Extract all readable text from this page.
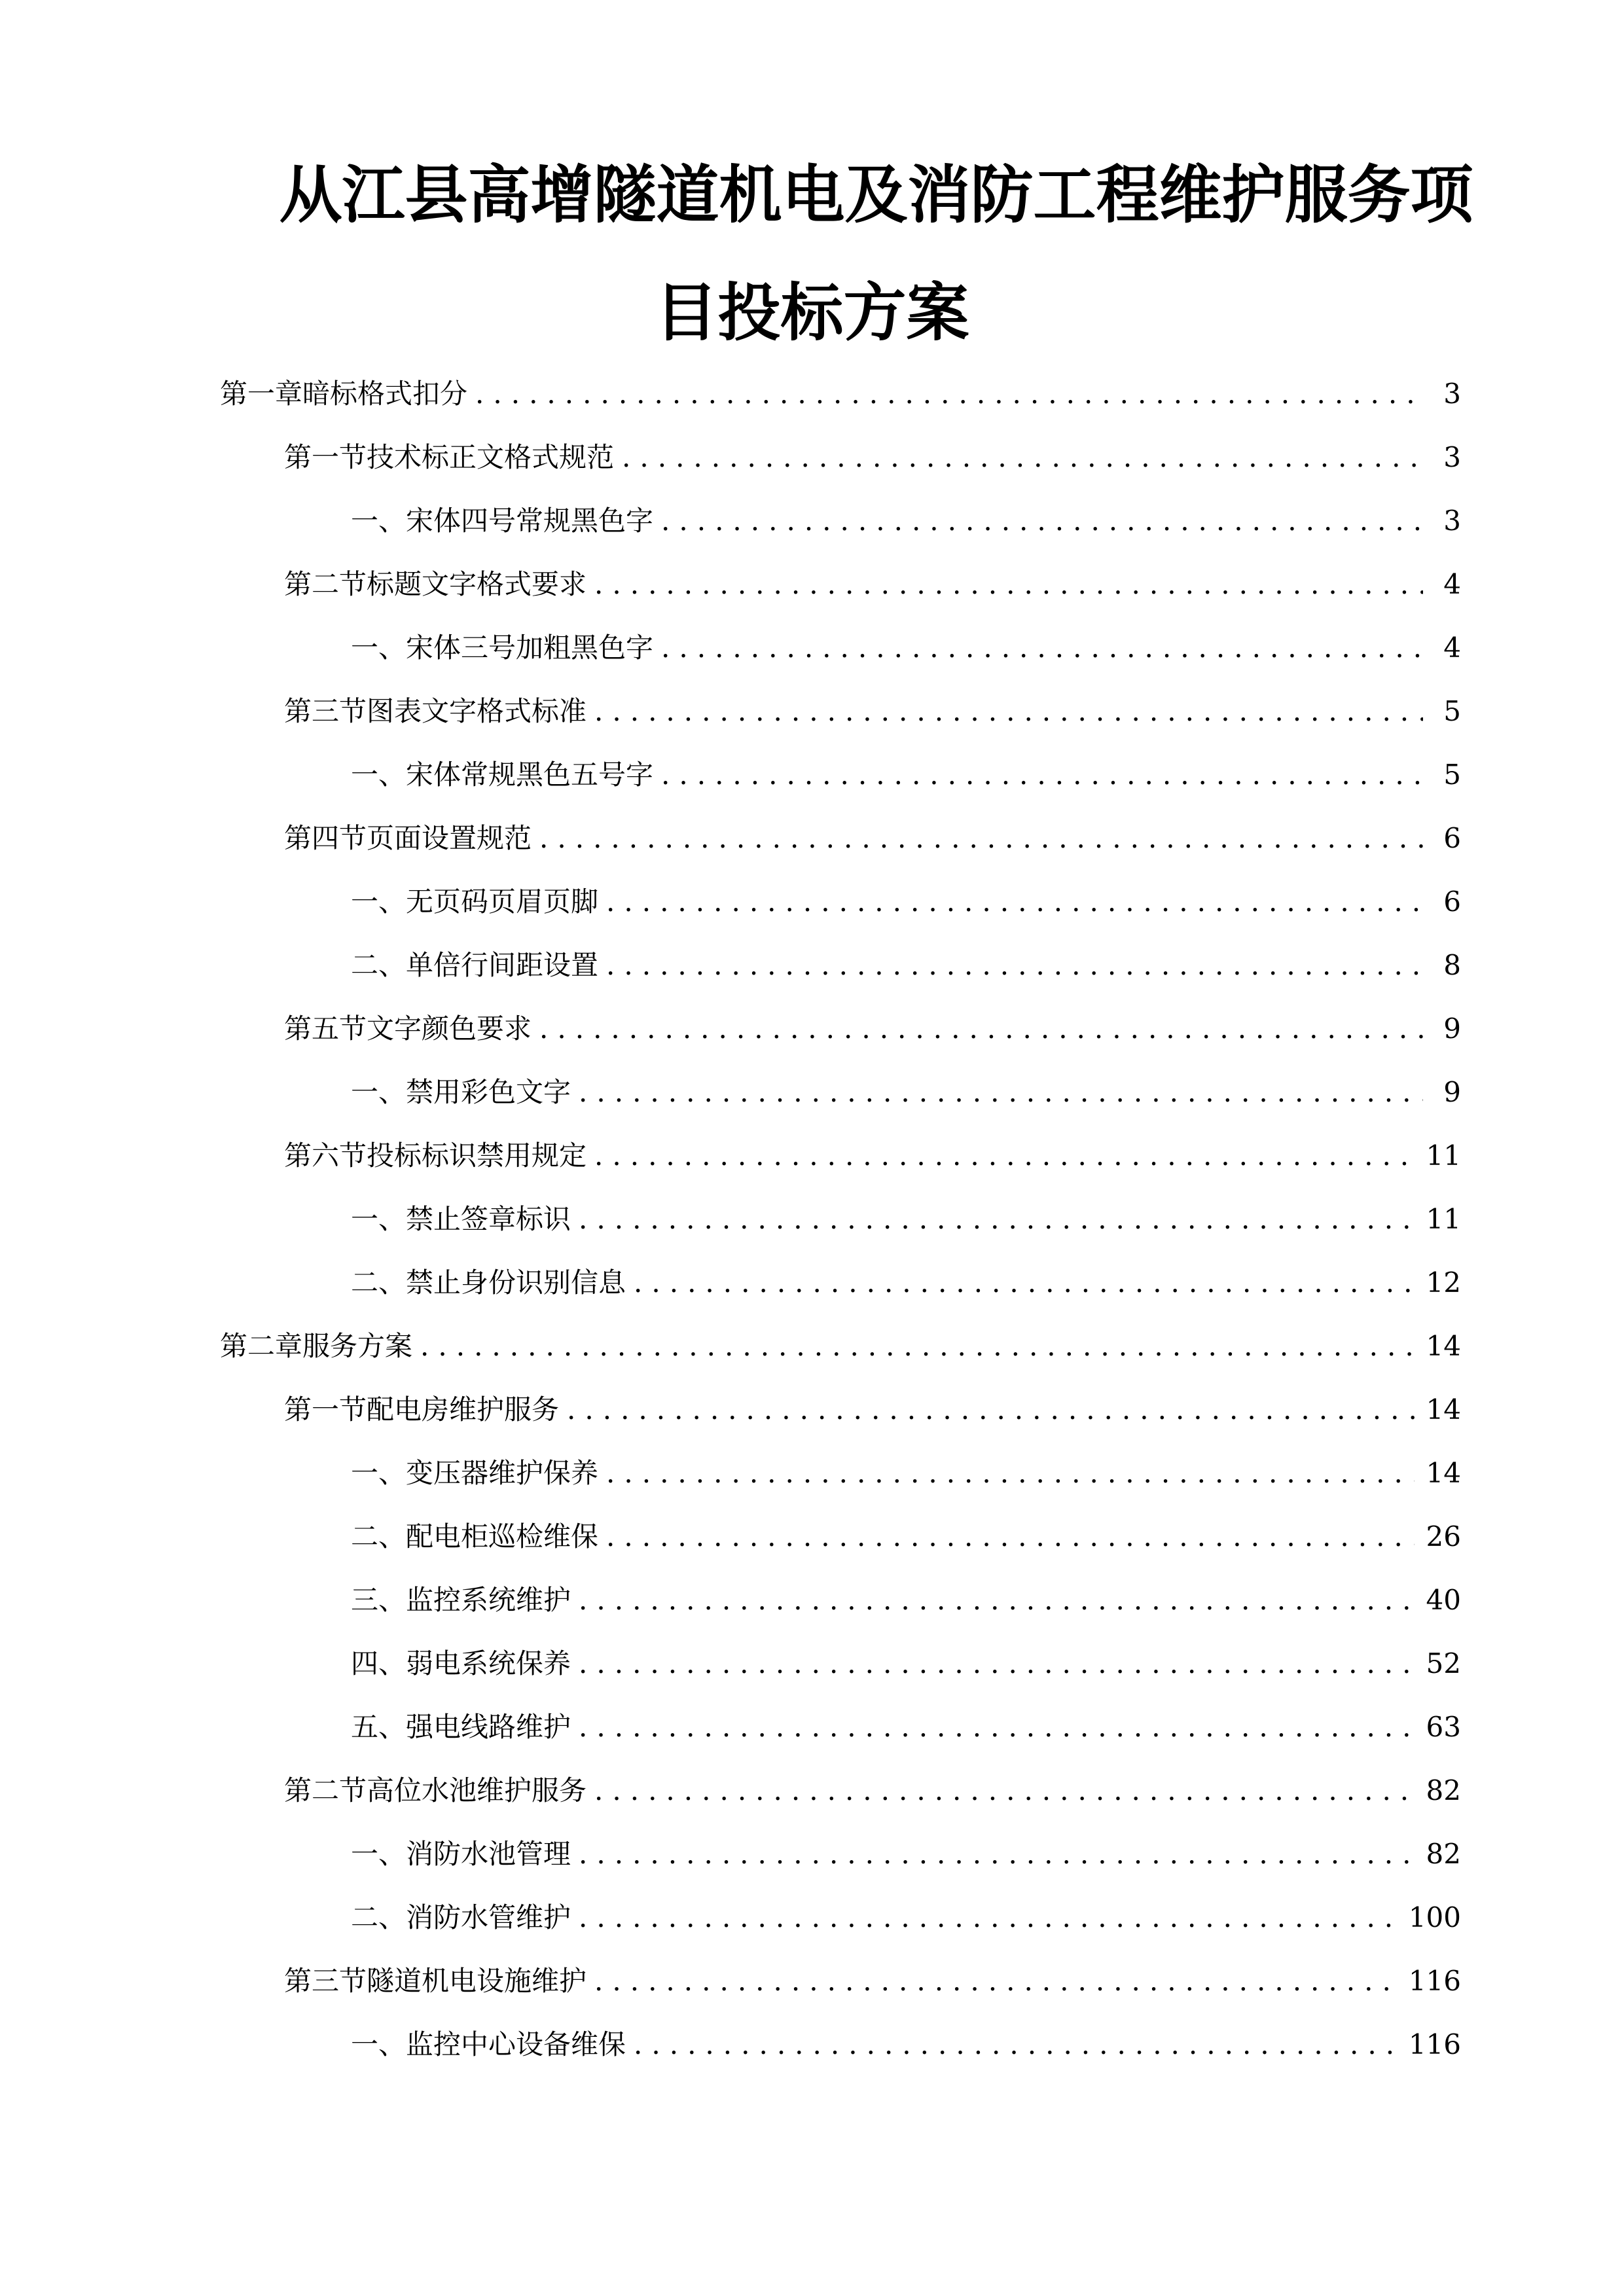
从江县高增隧道机电及消防工程维护服务项
目投标方案
第一章 暗标格式扣分 .....	3
第一节 技术标正文格式规范 .....	3
一、 宋体四号常规黑色字 .....	3
第二节 标题文字格式要求 .....	4
一、 宋体三号加粗黑色字 .....	4
第三节 图表文字格式标准 .....	5
一、 宋体常规黑色五号字 .....	5
第四节 页面设置规范 .....	6
一、 无页码页眉页脚 .....	6
二、 单倍行间距设置 .....	8
第五节 文字颜色要求 .....	9
一、 禁用彩色文字 .....	9
第六节 投标标识禁用规定 .....	11
一、 禁止签章标识 .....	11
二、 禁止身份识别信息 .....	12
第二章 服务方案 .....	14
第一节 配电房维护服务 .....	14
一、 变压器维护保养 .....	14
二、 配电柜巡检维保 .....	26
三、 监控系统维护 .....	40
四、 弱电系统保养 .....	52
五、 强电线路维护 .....	63
第二节 高位水池维护服务 .....	82
一、 消防水池管理 .....	82
二、 消防水管维护 .....	100
第三节 隧道机电设施维护 .....	116
一、 监控中心设备维保 .....	116
